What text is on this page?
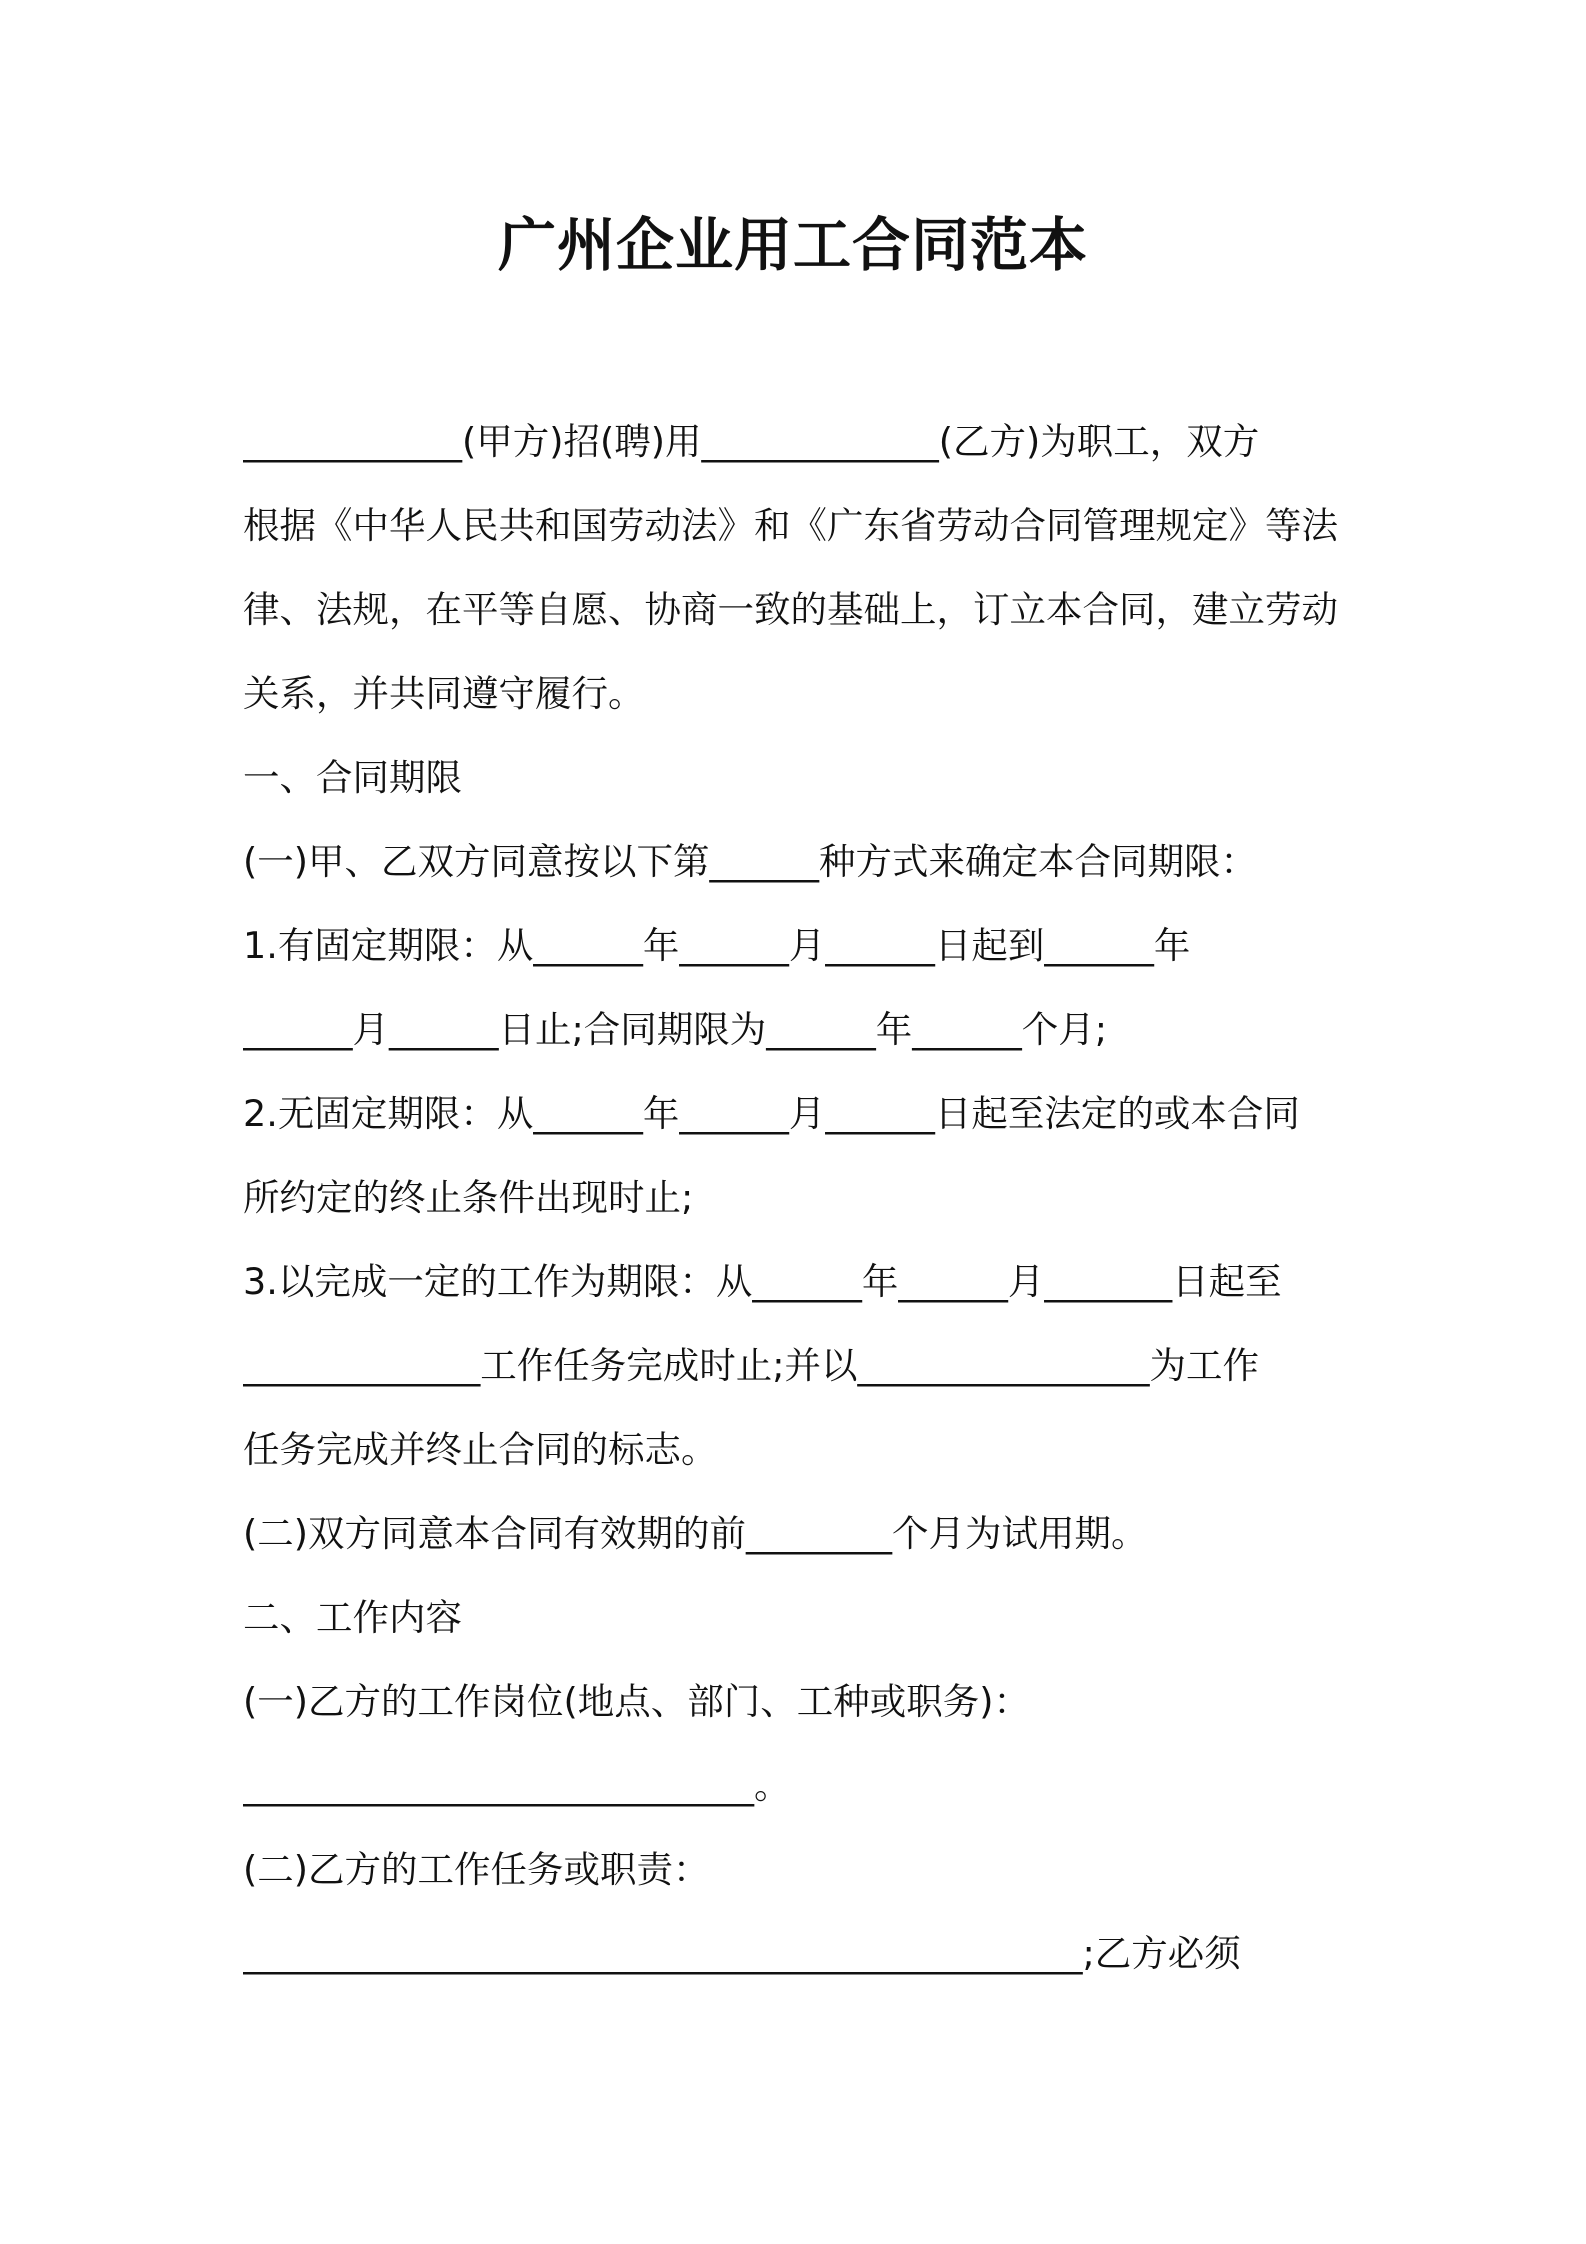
广州企业用工合同范本
____________(甲方)招(聘)用_____________(乙方)为职工，双方
根据《中华人民共和国劳动法》和《广东省劳动合同管理规定》等法
律、法规，在平等自愿、协商一致的基础上，订立本合同，建立劳动
关系，并共同遵守履行。
一、合同期限
(一)甲、乙双方同意按以下第______种方式来确定本合同期限：
1.有固定期限：从______年______月______日起到______年
______月______日止;合同期限为______年______个月;
2.无固定期限：从______年______月______日起至法定的或本合同
所约定的终止条件出现时止;
3.以完成一定的工作为期限：从______年______月_______日起至
_____________工作任务完成时止;并以________________为工作
任务完成并终止合同的标志。
(二)双方同意本合同有效期的前________个月为试用期。
二、工作内容
(一)乙方的工作岗位(地点、部门、工种或职务)：
____________________________。
(二)乙方的工作任务或职责：
______________________________________________;乙方必须
